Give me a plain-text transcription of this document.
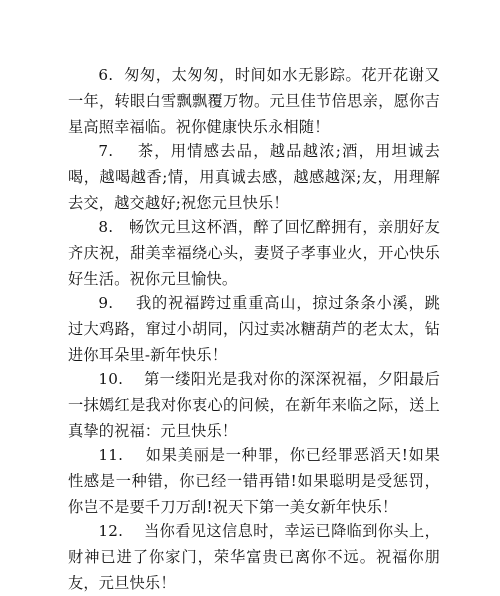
6. 匆匆，太匆匆，时间如水无影踪。花开花谢又一年，转眼白雪飘飘覆万物。元旦佳节倍思亲，愿你吉星高照幸福临。祝你健康快乐永相随！

7. 茶，用情感去品，越品越浓;酒，用坦诚去喝，越喝越香;情，用真诚去感，越感越深;友，用理解去交，越交越好;祝您元旦快乐！

8. 畅饮元旦这杯酒，醉了回忆醉拥有，亲朋好友齐庆祝，甜美幸福绕心头，妻贤子孝事业火，开心快乐好生活。祝你元旦愉快。

9. 我的祝福跨过重重高山，掠过条条小溪，跳过大鸡路，窜过小胡同，闪过卖冰糖葫芦的老太太，钻进你耳朵里-新年快乐！

10. 第一缕阳光是我对你的深深祝福，夕阳最后一抹嫣红是我对你衷心的问候，在新年来临之际，送上真挚的祝福：元旦快乐！

11. 如果美丽是一种罪，你已经罪恶滔天!如果性感是一种错，你已经一错再错!如果聪明是受惩罚，你岂不是要千刀万刮!祝天下第一美女新年快乐！

12. 当你看见这信息时，幸运已降临到你头上，财神已进了你家门，荣华富贵已离你不远。祝福你朋友，元旦快乐！
